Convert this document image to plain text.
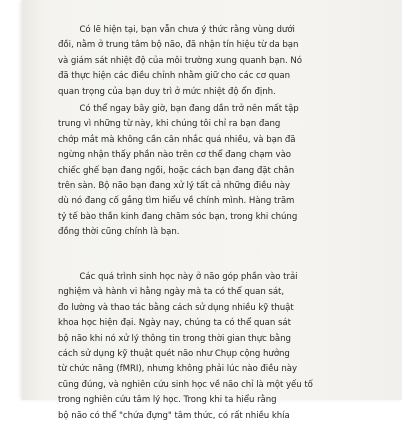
Có lẽ hiện tại, bạn vẫn chưa ý thức rằng vùng dưới
đồi, nằm ở trung tâm bộ não, đã nhận tín hiệu từ da bạn
và giám sát nhiệt độ của môi trường xung quanh bạn. Nó
đã thực hiện các điều chỉnh nhằm giữ cho các cơ quan
quan trọng của bạn duy trì ở mức nhiệt độ ổn định.

Có thể ngay bây giờ, bạn đang dần trở nên mất tập
trung vì những từ này, khi chúng tôi chỉ ra bạn đang
chớp mắt mà không cần cân nhắc quá nhiều, và bạn đã
ngừng nhận thấy phần nào trên cơ thể đang chạm vào
chiếc ghế bạn đang ngồi, hoặc cách bạn đang đặt chân
trên sàn. Bộ não bạn đang xử lý tất cả những điều này
dù nó đang cố gắng tìm hiểu về chính mình. Hàng trăm
tỷ tế bào thần kinh đang chăm sóc bạn, trong khi chúng
đồng thời cũng chính là bạn.

Các quá trình sinh học này ở não góp phần vào trải
nghiệm và hành vi hằng ngày mà ta có thể quan sát,
đo lường và thao tác bằng cách sử dụng nhiều kỹ thuật
khoa học hiện đại. Ngày nay, chúng ta có thể quan sát
bộ não khi nó xử lý thông tin trong thời gian thực bằng
cách sử dụng kỹ thuật quét não như Chụp cộng hưởng
từ chức năng (fMRI), nhưng không phải lúc nào điều này
cũng đúng, và nghiên cứu sinh học về não chỉ là một yếu tố
trong nghiên cứu tâm lý học. Trong khi ta hiểu rằng
bộ não có thể "chứa đựng" tâm thức, có rất nhiều khía
